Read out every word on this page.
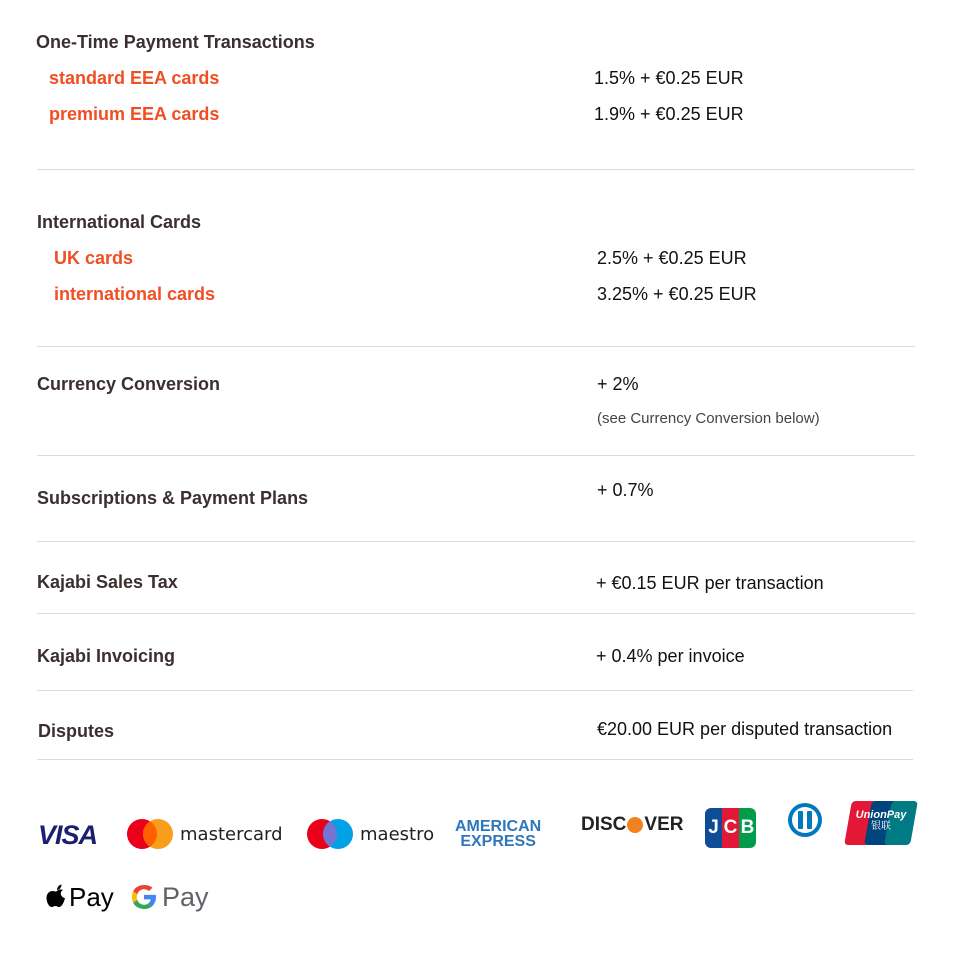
One-Time Payment Transactions
standard EEA cards	1.5% + €0.25 EUR
premium EEA cards	1.9% + €0.25 EUR
International Cards
UK cards	2.5% + €0.25 EUR
international cards	3.25% + €0.25 EUR
Currency Conversion	+ 2%
(see Currency Conversion below)
Subscriptions & Payment Plans	+ 0.7%
Kajabi Sales Tax	+ €0.15 EUR per transaction
Kajabi Invoicing	+ 0.4% per invoice
Disputes	€20.00 EUR per disputed transaction
VISA	mastercard	maestro AMERICAN
EXPRESS
DISC VER J C B
UnionPay
银联
Pay Pay
